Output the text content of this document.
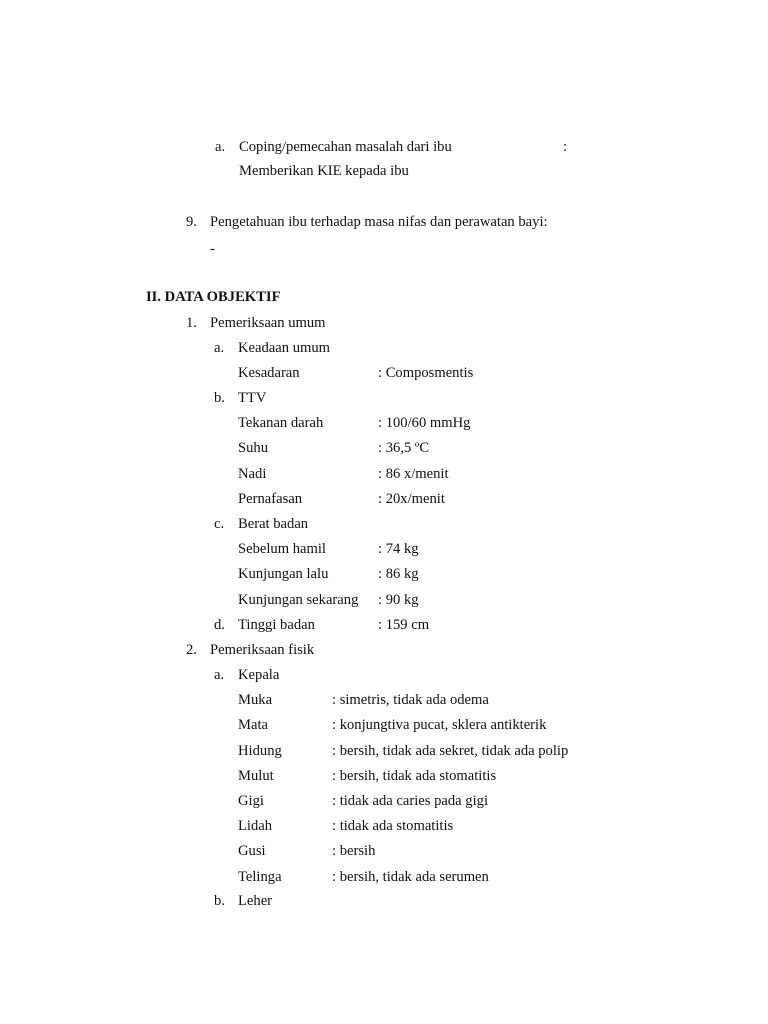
a. Coping/pemecahan masalah dari ibu	:
Memberikan KIE kepada ibu
9. Pengetahuan ibu terhadap masa nifas dan perawatan bayi:
-
II. DATA OBJEKTIF
1. Pemeriksaan umum
a. Keadaan umum
Kesadaran	: Composmentis
b. TTV
Tekanan darah	: 100/60 mmHg
Suhu	: 36,5 ºC
Nadi	: 86 x/menit
Pernafasan	: 20x/menit
c. Berat badan
Sebelum hamil	: 74 kg
Kunjungan lalu	: 86 kg
Kunjungan sekarang : 90 kg
d. Tinggi badan	: 159 cm
2. Pemeriksaan fisik
a. Kepala
Muka	: simetris, tidak ada odema
Mata	: konjungtiva pucat, sklera antikterik
Hidung	: bersih, tidak ada sekret, tidak ada polip
Mulut	: bersih, tidak ada stomatitis
Gigi	: tidak ada caries pada gigi
Lidah	: tidak ada stomatitis
Gusi	: bersih
Telinga	: bersih, tidak ada serumen
b. Leher
